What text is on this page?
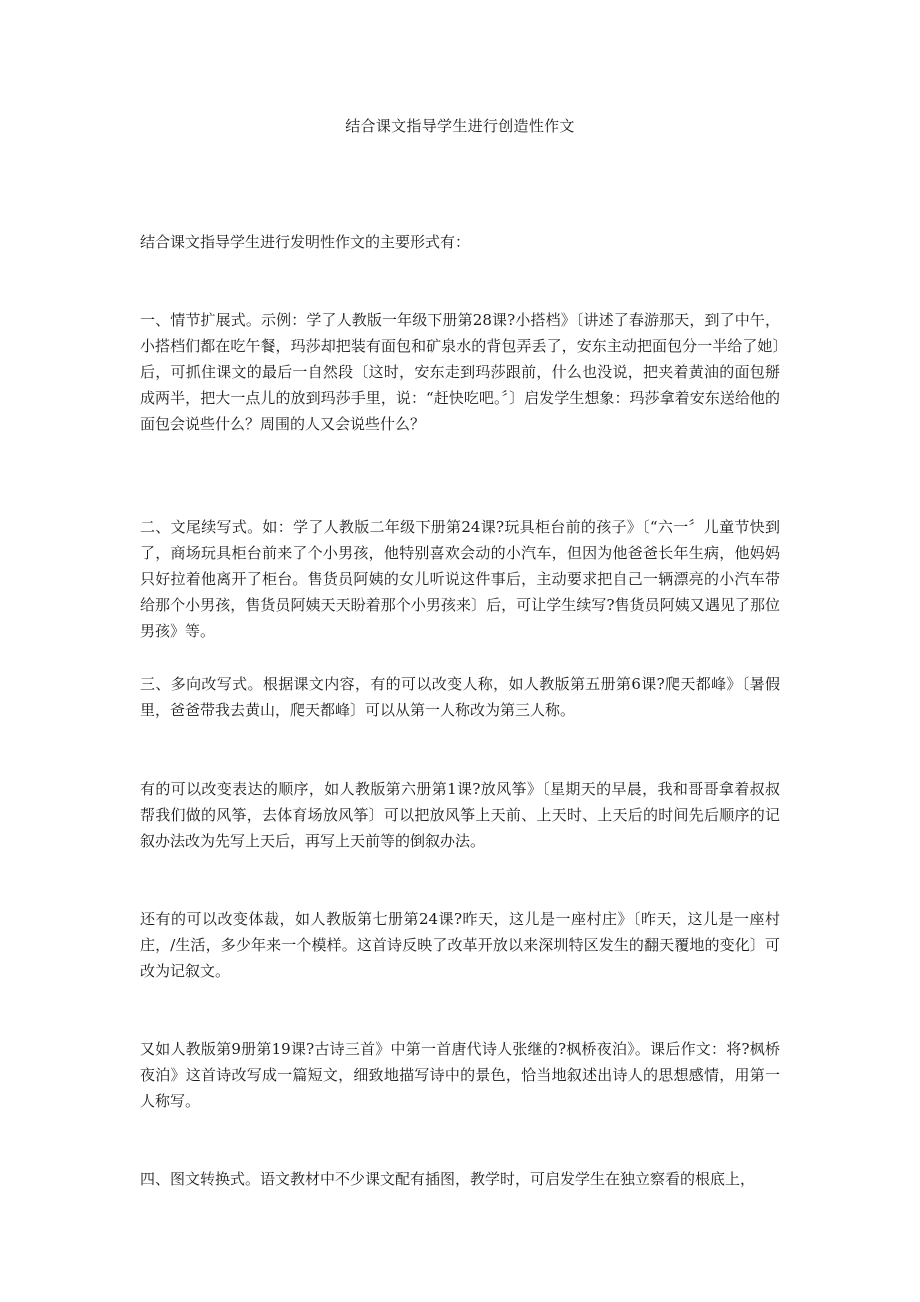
结合课文指导学生进行创造性作文

结合课文指导学生进行发明性作文的主要形式有：

一、情节扩展式。示例：学了人教版一年级下册第28课?小搭档》〔讲述了春游那天，到了中午，小搭档们都在吃午餐，玛莎却把装有面包和矿泉水的背包弄丢了，安东主动把面包分一半给了她〕后，可抓住课文的最后一自然段〔这时，安东走到玛莎跟前，什么也没说，把夹着黄油的面包掰成两半，把大一点儿的放到玛莎手里，说：“赶快吃吧。〞〕启发学生想象：玛莎拿着安东送给他的面包会说些什么？周围的人又会说些什么？

二、文尾续写式。如：学了人教版二年级下册第24课?玩具柜台前的孩子》〔“六一〞儿童节快到了，商场玩具柜台前来了个小男孩，他特别喜欢会动的小汽车，但因为他爸爸长年生病，他妈妈只好拉着他离开了柜台。售货员阿姨的女儿听说这件事后，主动要求把自己一辆漂亮的小汽车带给那个小男孩，售货员阿姨天天盼着那个小男孩来〕后，可让学生续写?售货员阿姨又遇见了那位男孩》等。

三、多向改写式。根据课文内容，有的可以改变人称，如人教版第五册第6课?爬天都峰》〔暑假里，爸爸带我去黄山，爬天都峰〕可以从第一人称改为第三人称。

有的可以改变表达的顺序，如人教版第六册第1课?放风筝》〔星期天的早晨，我和哥哥拿着叔叔帮我们做的风筝，去体育场放风筝〕可以把放风筝上天前、上天时、上天后的时间先后顺序的记叙办法改为先写上天后，再写上天前等的倒叙办法。

还有的可以改变体裁，如人教版第七册第24课?昨天，这儿是一座村庄》〔昨天，这儿是一座村庄，/生活，多少年来一个模样。这首诗反映了改革开放以来深圳特区发生的翻天覆地的变化〕可改为记叙文。

又如人教版第9册第19课?古诗三首》中第一首唐代诗人张继的?枫桥夜泊》。课后作文：将?枫桥夜泊》这首诗改写成一篇短文，细致地描写诗中的景色，恰当地叙述出诗人的思想感情，用第一人称写。

四、图文转换式。语文教材中不少课文配有插图，教学时，可启发学生在独立察看的根底上，
